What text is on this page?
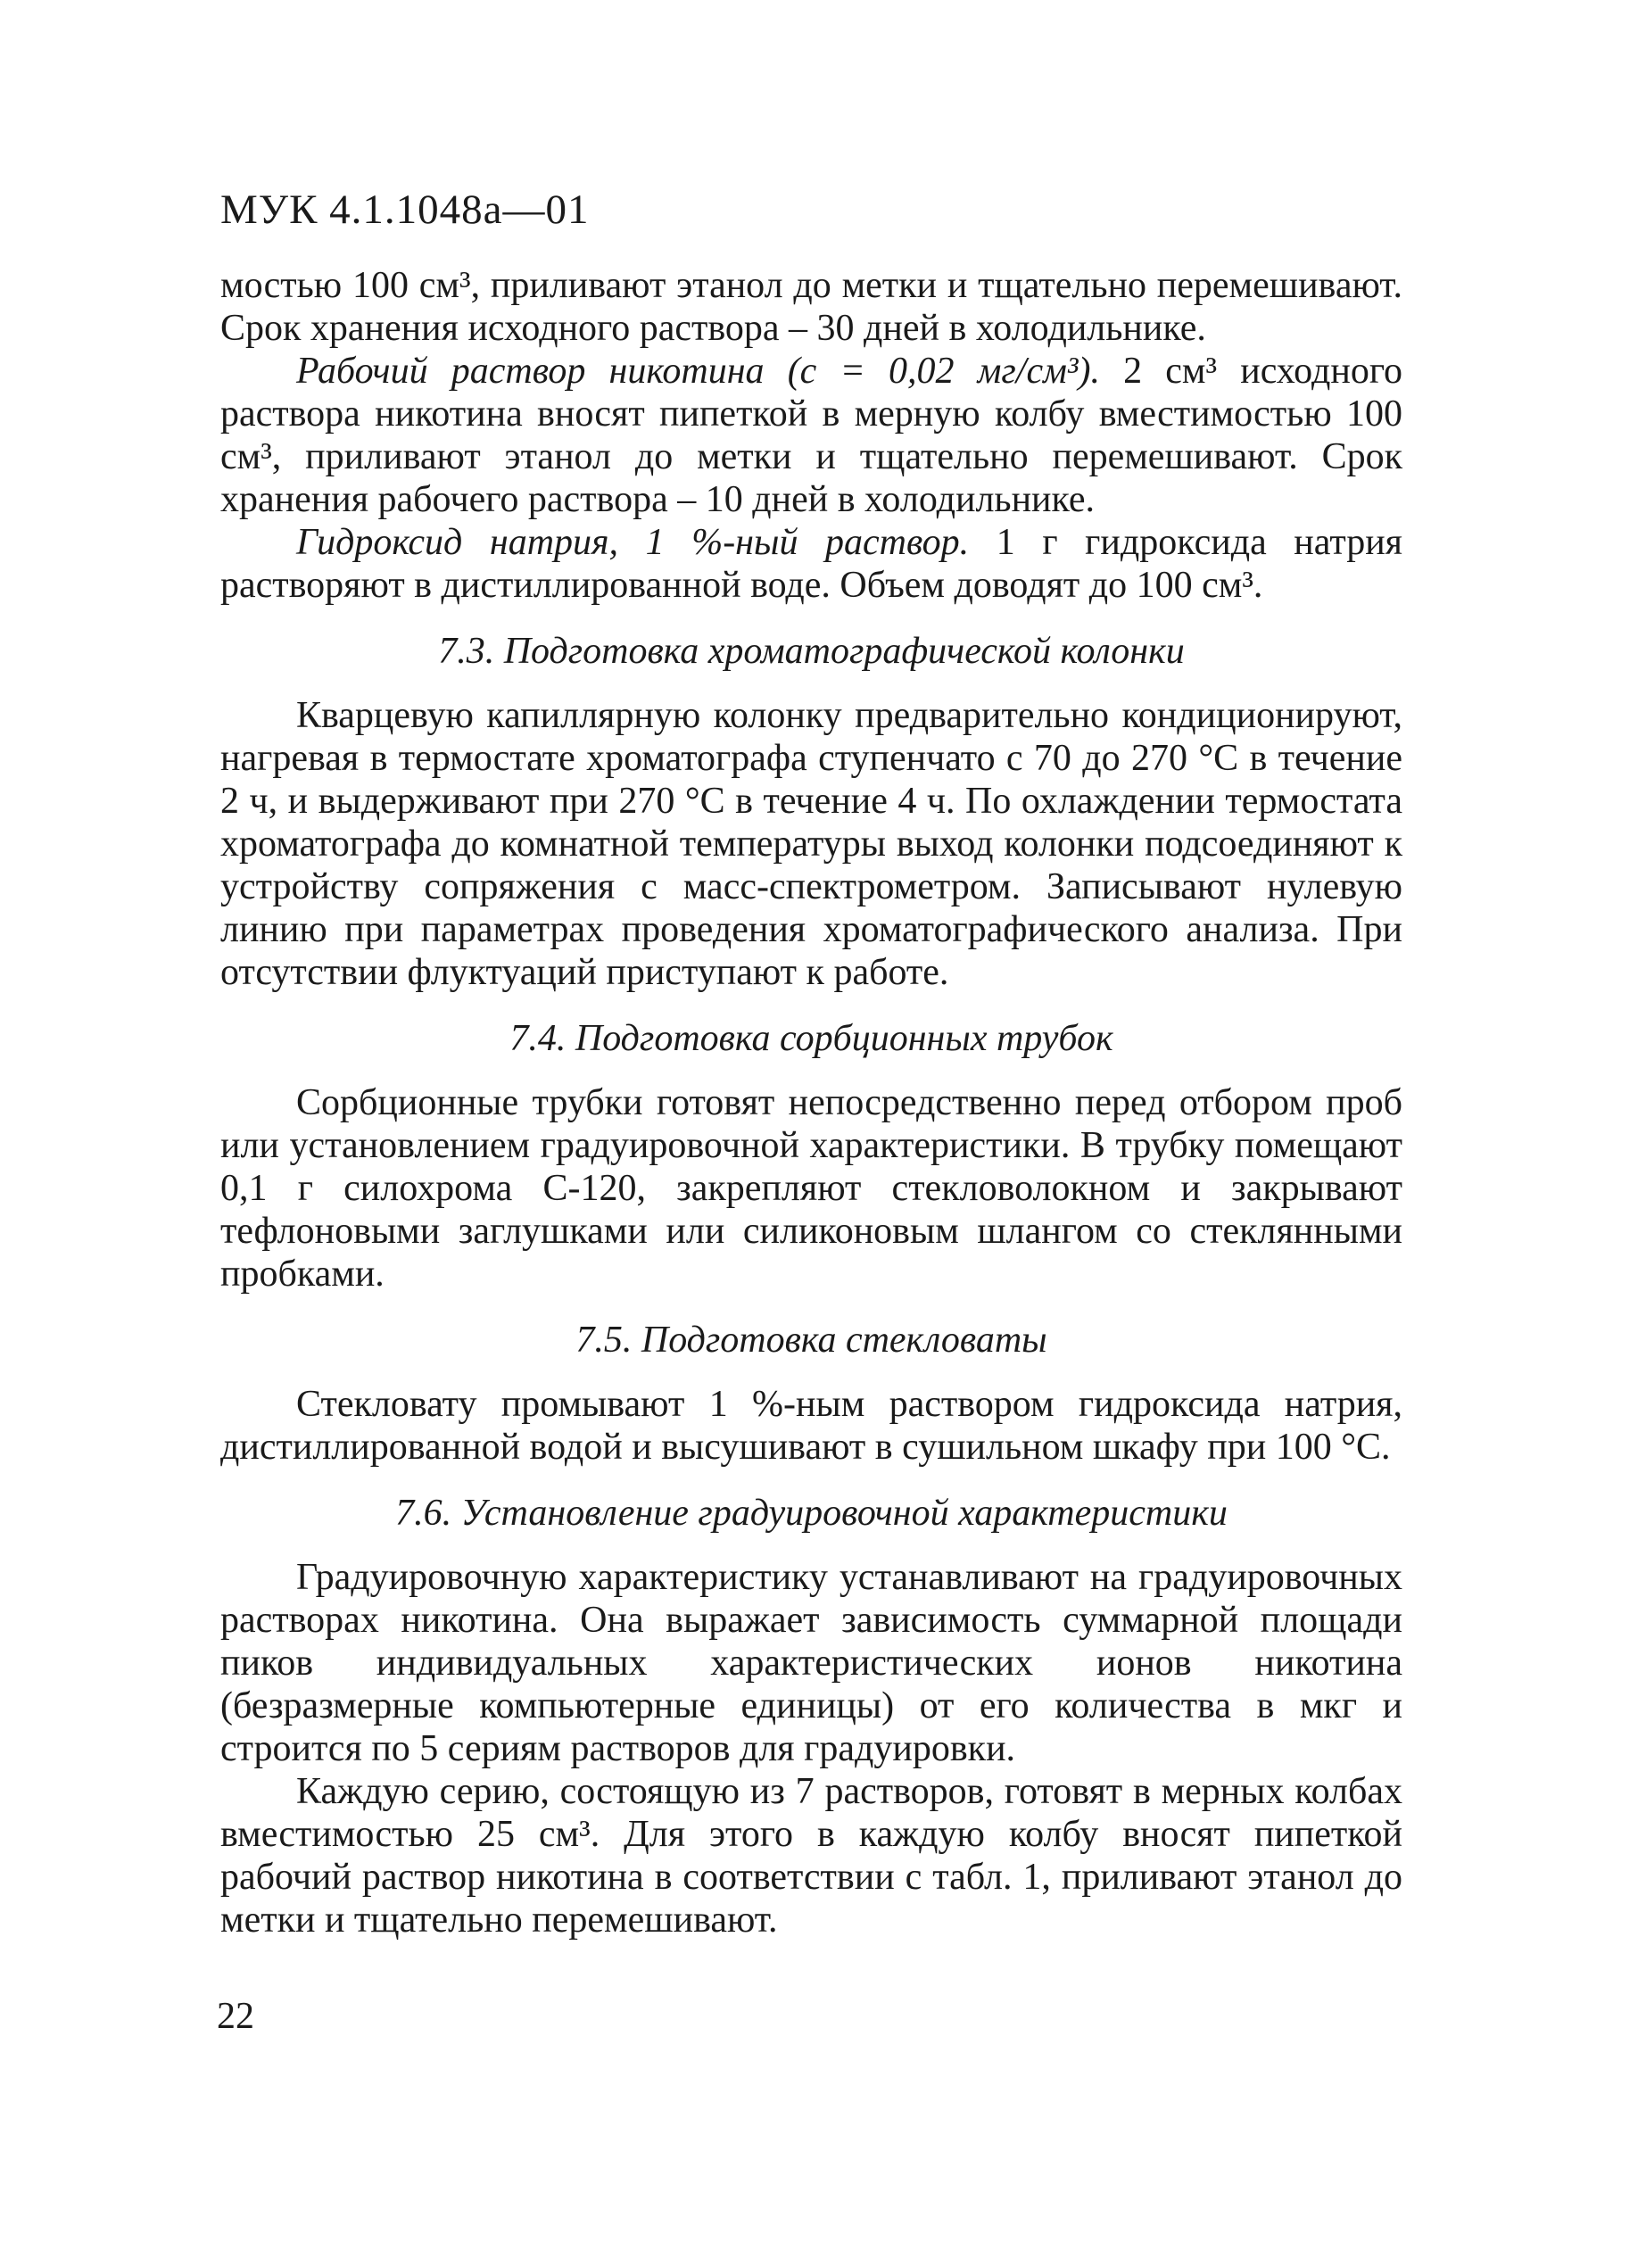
МУК 4.1.1048а—01

мостью 100 см³, приливают этанол до метки и тщательно перемешивают. Срок хранения исходного раствора – 30 дней в холодильнике.

Рабочий раствор никотина (c = 0,02 мг/см³). 2 см³ исходного раствора никотина вносят пипеткой в мерную колбу вместимостью 100 см³, приливают этанол до метки и тщательно перемешивают. Срок хранения рабочего раствора – 10 дней в холодильнике.

Гидроксид натрия, 1 %-ный раствор. 1 г гидроксида натрия растворяют в дистиллированной воде. Объем доводят до 100 см³.

7.3. Подготовка хроматографической колонки

Кварцевую капиллярную колонку предварительно кондиционируют, нагревая в термостате хроматографа ступенчато с 70 до 270 °C в течение 2 ч, и выдерживают при 270 °C в течение 4 ч. По охлаждении термостата хроматографа до комнатной температуры выход колонки подсоединяют к устройству сопряжения с масс-спектрометром. Записывают нулевую линию при параметрах проведения хроматографического анализа. При отсутствии флуктуаций приступают к работе.

7.4. Подготовка сорбционных трубок

Сорбционные трубки готовят непосредственно перед отбором проб или установлением градуировочной характеристики. В трубку помещают 0,1 г силохрома С-120, закрепляют стекловолокном и закрывают тефлоновыми заглушками или силиконовым шлангом со стеклянными пробками.

7.5. Подготовка стекловаты

Стекловату промывают 1 %-ным раствором гидроксида натрия, дистиллированной водой и высушивают в сушильном шкафу при 100 °C.

7.6. Установление градуировочной характеристики

Градуировочную характеристику устанавливают на градуировочных растворах никотина. Она выражает зависимость суммарной площади пиков индивидуальных характеристических ионов никотина (безразмерные компьютерные единицы) от его количества в мкг и строится по 5 сериям растворов для градуировки.

Каждую серию, состоящую из 7 растворов, готовят в мерных колбах вместимостью 25 см³. Для этого в каждую колбу вносят пипеткой рабочий раствор никотина в соответствии с табл. 1, приливают этанол до метки и тщательно перемешивают.

22
